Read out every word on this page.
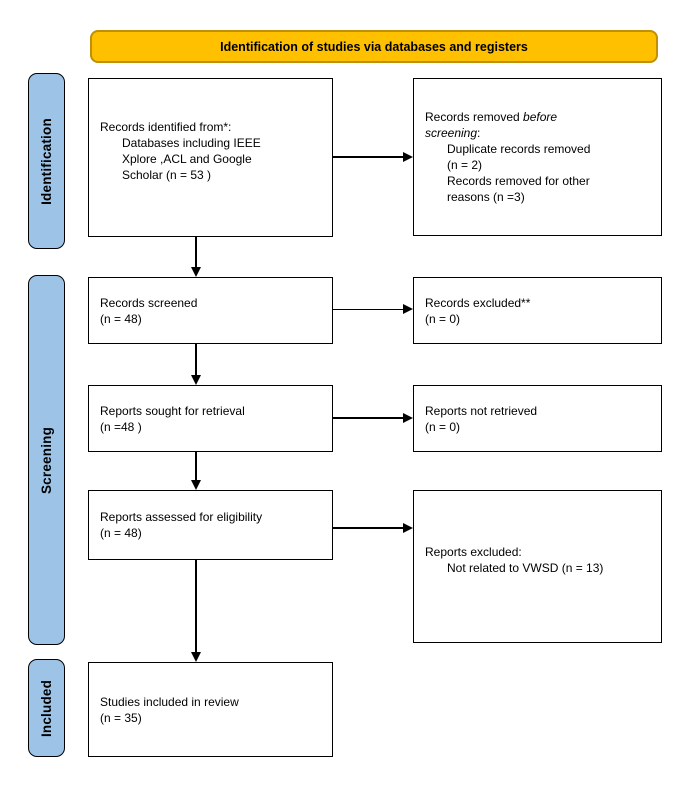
Identification of studies via databases and registers
Identification
Screening
Included
Records identified from*:
Databases including IEEE
Xplore ,ACL and Google
Scholar (n = 53 )
Records screened
(n = 48)
Reports sought for retrieval
(n =48 )
Reports assessed for eligibility
(n = 48)
Studies included in review
(n = 35)
Records removed before
screening:
Duplicate records removed
(n = 2)
Records removed for other
reasons (n =3)
Records excluded**
(n = 0)
Reports not retrieved
(n = 0)
Reports excluded:
Not related to VWSD (n = 13)
